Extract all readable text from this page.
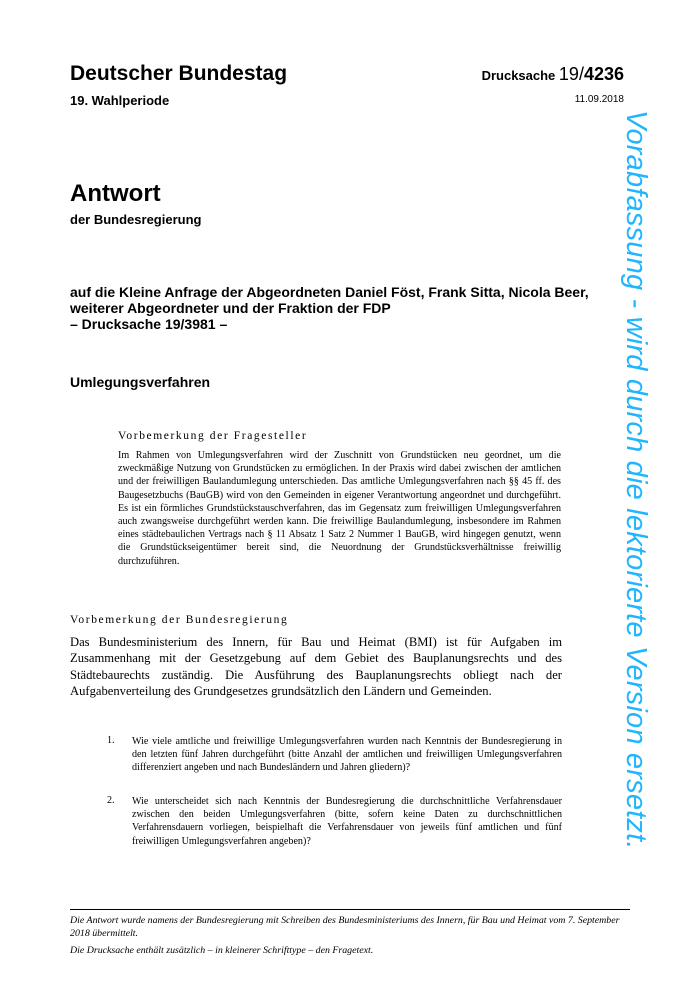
Deutscher Bundestag
19. Wahlperiode
Drucksache 19/4236
11.09.2018
Antwort
der Bundesregierung
auf die Kleine Anfrage der Abgeordneten Daniel Föst, Frank Sitta, Nicola Beer,
weiterer Abgeordneter und der Fraktion der FDP
– Drucksache 19/3981 –
Umlegungsverfahren
Vorbemerkung der Fragesteller

Im Rahmen von Umlegungsverfahren wird der Zuschnitt von Grundstücken neu geordnet, um die zweckmäßige Nutzung von Grundstücken zu ermöglichen. In der Praxis wird dabei zwischen der amtlichen und der freiwilligen Baulandumlegung unterschieden. Das amtliche Umlegungsverfahren nach §§ 45 ff. des Baugesetzbuchs (BauGB) wird von den Gemeinden in eigener Verantwortung angeordnet und durchgeführt. Es ist ein förmliches Grundstückstauschverfahren, das im Gegensatz zum freiwilligen Umlegungsverfahren auch zwangsweise durchgeführt werden kann. Die freiwillige Baulandumlegung, insbesondere im Rahmen eines städtebaulichen Vertrags nach § 11 Absatz 1 Satz 2 Nummer 1 BauGB, wird hingegen genutzt, wenn die Grundstückseigentümer bereit sind, die Neuordnung der Grundstücksverhältnisse freiwillig durchzuführen.

Vorbemerkung der Bundesregierung

Das Bundesministerium des Innern, für Bau und Heimat (BMI) ist für Aufgaben im Zusammenhang mit der Gesetzgebung auf dem Gebiet des Bauplanungsrechts und des Städtebaurechts zuständig. Die Ausführung des Bauplanungsrechts obliegt nach der Aufgabenverteilung des Grundgesetzes grundsätzlich den Ländern und Gemeinden.

1. Wie viele amtliche und freiwillige Umlegungsverfahren wurden nach Kenntnis der Bundesregierung in den letzten fünf Jahren durchgeführt (bitte Anzahl der amtlichen und freiwilligen Umlegungsverfahren differenziert angeben und nach Bundesländern und Jahren gliedern)?

2. Wie unterscheidet sich nach Kenntnis der Bundesregierung die durchschnittliche Verfahrensdauer zwischen den beiden Umlegungsverfahren (bitte, sofern keine Daten zu durchschnittlichen Verfahrensdauern vorliegen, beispielhaft die Verfahrensdauer von jeweils fünf amtlichen und fünf freiwilligen Umlegungsverfahren angeben)?

Die Antwort wurde namens der Bundesregierung mit Schreiben des Bundesministeriums des Innern, für Bau und Heimat vom 7. September 2018 übermittelt.
Die Drucksache enthält zusätzlich – in kleinerer Schrifttype – den Fragetext.
Vorabfassung - wird durch die lektorierte Version ersetzt.
